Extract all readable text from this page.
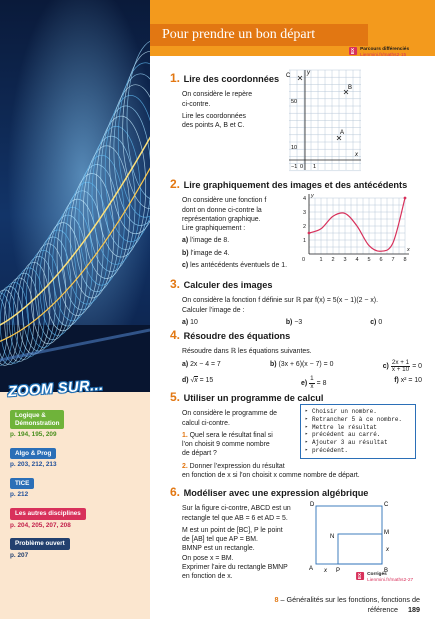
ZOOM SUR...
Logique &
Démonstration
p. 194, 195, 209
Algo & Prog
p. 203, 212, 213
TICE
p. 212
Les autres disciplines
p. 204, 205, 207, 208
Problème ouvert
p. 207
Pour prendre un bon départ
EX	Parcours différenciés
Lienmini.fr/maths2-15
1. Lire des coordonnées

On considère le repère
ci-contre.

Lire les coordonnées
des points A, B et C.

y
x
50
10
−1 0 1
C
B
A
2. Lire graphiquement des images et des antécédents

On considère une fonction f
dont on donne ci-contre la
représentation graphique.
Lire graphiquement :

a) l’image de 8.

b) l’image de 4.

c) les antécédents éventuels de 1.

1 2 3 4 5 6 7 8
1
2
3
4
0
x
y
3. Calculer des images

On considère la fonction f définie sur ℝ par f(x) = 5(x − 1)(2 − x).
Calculer l’image de :

a) 10	b) −3	c) 0
4. Résoudre des équations

Résoudre dans ℝ les équations suivantes.

a) 2x − 4 = 7	b) (3x + 6)(x − 7) = 0	$c) \frac{2x + 1}{x + 10} = 0$
d) √x = 15	$e) \frac{1}{x} = 8$	f) x² = 10
5. Utiliser un programme de calcul

On considère le programme de
calcul ci-contre.

1. Quel sera le résultat final si
l’on choisit 9 comme nombre
de départ ?

2. Donner l’expression du résultat
en fonction de x si l’on choisit x comme nombre de départ.

▸ Choisir un nombre.
▸ Retrancher 5 à ce nombre.
▸ Mettre le résultat
▸ précédent au carré.
▸ Ajouter 3 au résultat
▸ précédent.
6. Modéliser avec une expression algébrique

Sur la figure ci-contre, ABCD est un
rectangle tel que AB = 6 et AD = 5.

M est un point de [BC], P le point
de [AB] tel que AP = BM.
BMNP est un rectangle.
On pose x = BM.
Exprimer l’aire du rectangle BMNP
en fonction de x.

D	C
M
N
A	P	B
x
x
EX	Corrigés
Lienmini.fr/maths2-27
8 – Généralités sur les fonctions, fonctions de référence 189
